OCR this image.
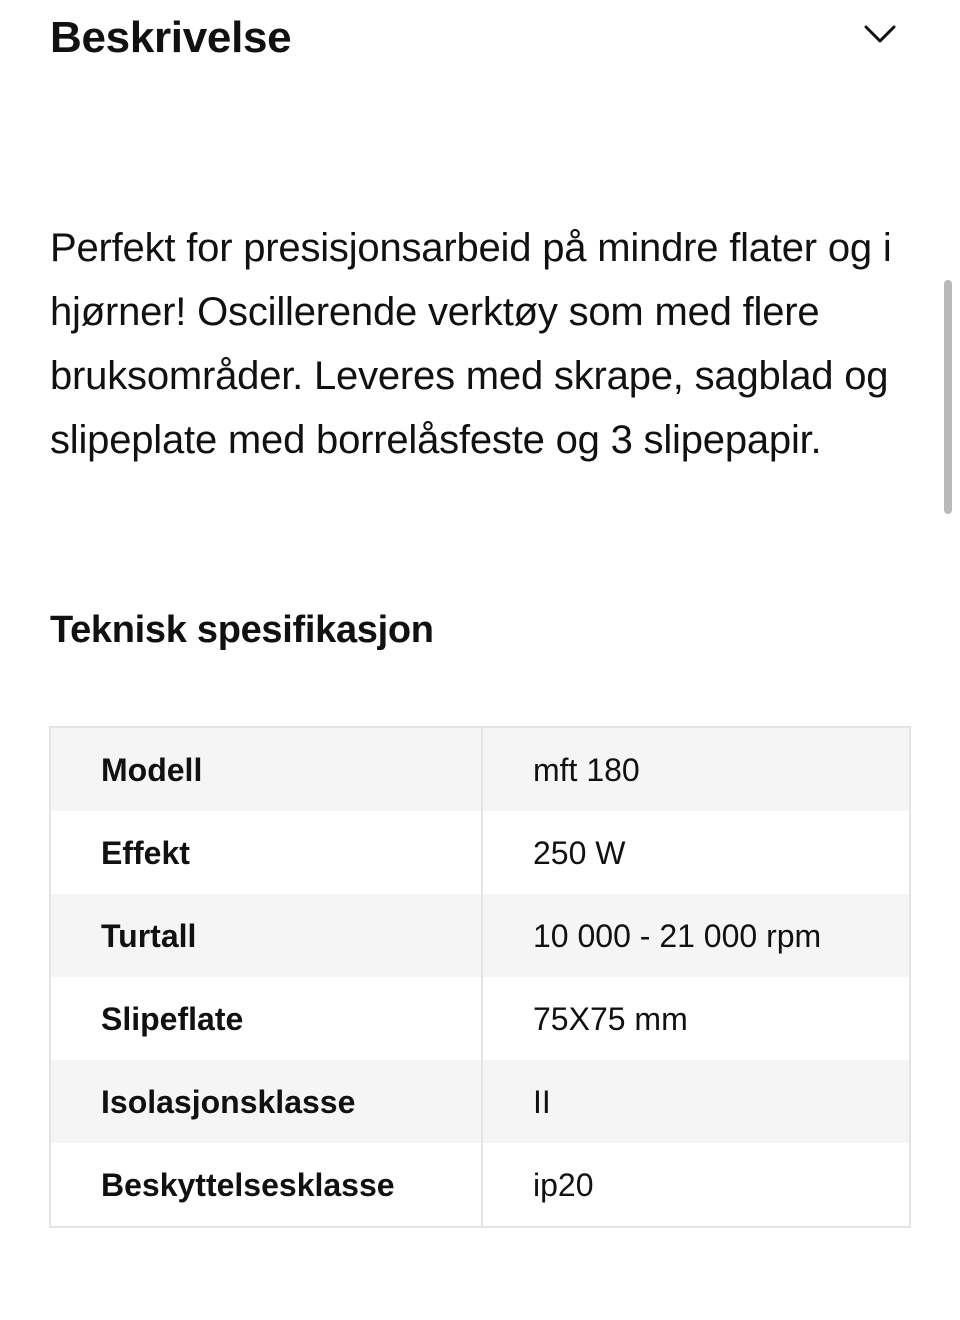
Beskrivelse

Perfekt for presisjonsarbeid på mindre flater og i hjørner! Oscillerende verktøy som med flere bruksområder. Leveres med skrape, sagblad og slipeplate med borrelåsfeste og 3 slipepapir.

Teknisk spesifikasjon
Modell	mft 180
Effekt	250 W
Turtall	10 000 - 21 000 rpm
Slipeflate	75X75 mm
Isolasjonsklasse	II
Beskyttelsesklasse	ip20
